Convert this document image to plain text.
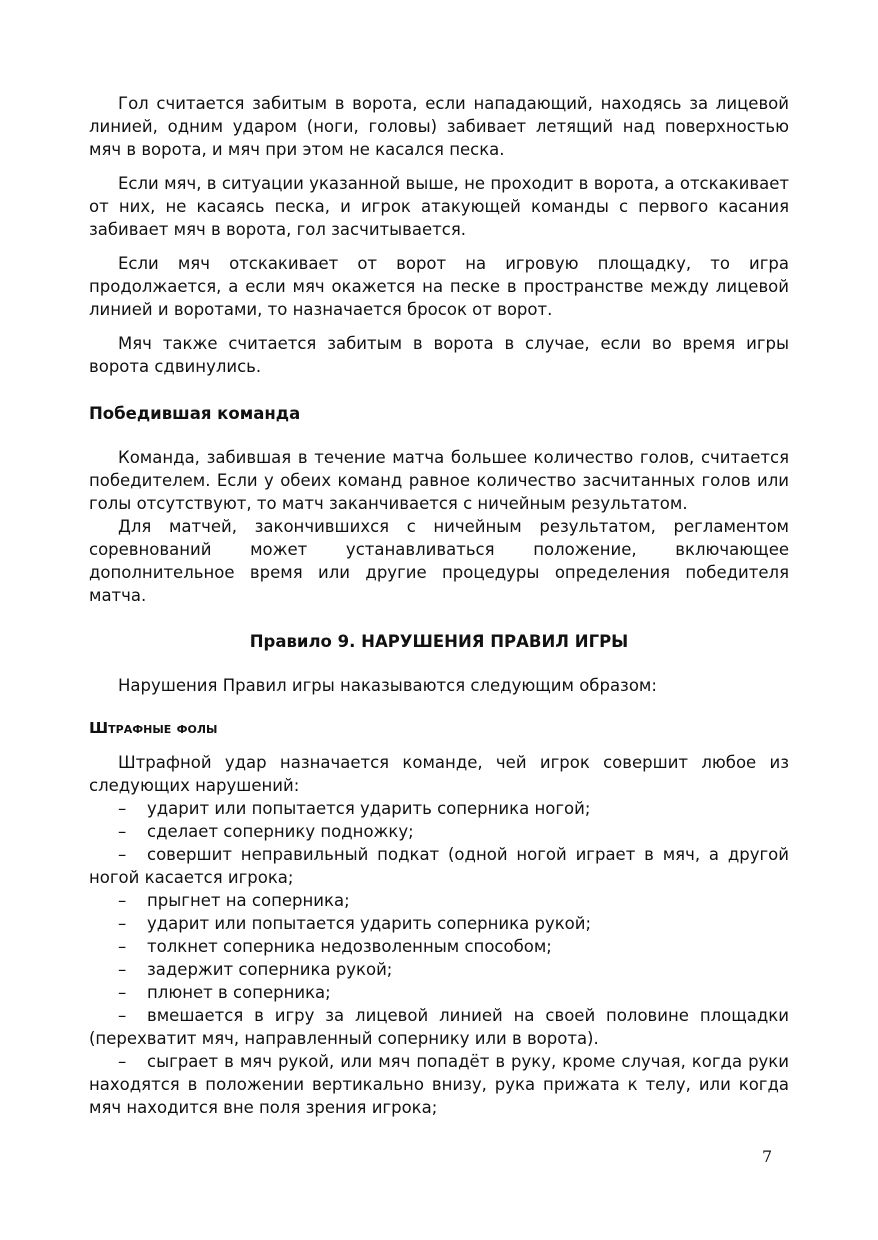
Гол считается забитым в ворота, если нападающий, находясь за лицевой линией, одним ударом (ноги, головы) забивает летящий над поверхностью мяч в ворота, и мяч при этом не касался песка.

Если мяч, в ситуации указанной выше, не проходит в ворота, а отскакивает от них, не касаясь песка, и игрок атакующей команды с первого касания забивает мяч в ворота, гол засчитывается.

Если мяч отскакивает от ворот на игровую площадку, то игра продолжается, а если мяч окажется на песке в пространстве между лицевой линией и воротами, то назначается бросок от ворот.

Мяч также считается забитым в ворота в случае, если во время игры ворота сдвинулись.

Победившая команда

Команда, забившая в течение матча большее количество голов, считается победителем. Если у обеих команд равное количество засчитанных голов или голы отсутствуют, то матч заканчивается с ничейным результатом.

Для матчей, закончившихся с ничейным результатом, регламентом соревнований может устанавливаться положение, включающее дополнительное время или другие процедуры определения победителя матча.

Правило 9. НАРУШЕНИЯ ПРАВИЛ ИГРЫ

Нарушения Правил игры наказываются следующим образом:

Штрафные фолы

Штрафной удар назначается команде, чей игрок совершит любое из следующих нарушений:

– ударит или попытается ударить соперника ногой;
– сделает сопернику подножку;
– совершит неправильный подкат (одной ногой играет в мяч, а другой ногой касается игрока;
– прыгнет на соперника;
– ударит или попытается ударить соперника рукой;
– толкнет соперника недозволенным способом;
– задержит соперника рукой;
– плюнет в соперника;
– вмешается в игру за лицевой линией на своей половине площадки (перехватит мяч, направленный сопернику или в ворота).
– сыграет в мяч рукой, или мяч попадёт в руку, кроме случая, когда руки находятся в положении вертикально внизу, рука прижата к телу, или когда мяч находится вне поля зрения игрока;
7
